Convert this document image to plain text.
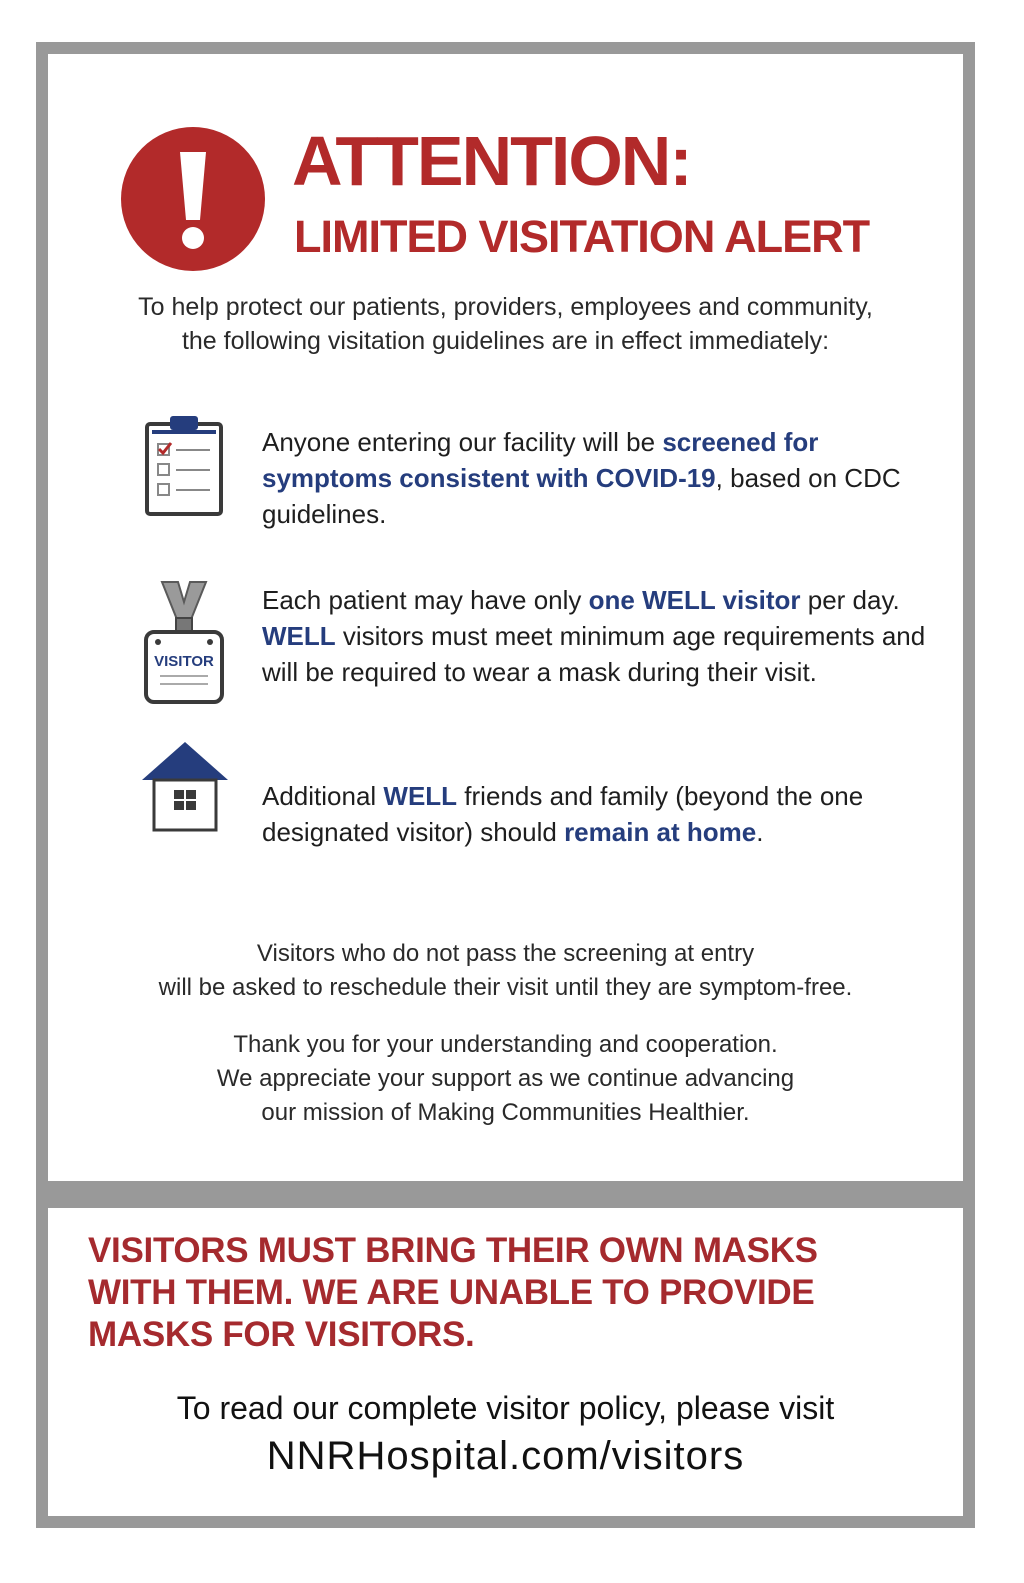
ATTENTION:
LIMITED VISITATION ALERT

To help protect our patients, providers, employees and community,
the following visitation guidelines are in effect immediately:

Anyone entering our facility will be screened for symptoms consistent with COVID-19, based on CDC guidelines.

VISITOR

Each patient may have only one WELL visitor per day. WELL visitors must meet minimum age requirements and will be required to wear a mask during their visit.

Additional WELL friends and family (beyond the one designated visitor) should remain at home.

Visitors who do not pass the screening at entry
will be asked to reschedule their visit until they are symptom-free.

Thank you for your understanding and cooperation.
We appreciate your support as we continue advancing
our mission of Making Communities Healthier.

VISITORS MUST BRING THEIR OWN MASKS
WITH THEM. WE ARE UNABLE TO PROVIDE
MASKS FOR VISITORS.

To read our complete visitor policy, please visit

NNRHospital.com/visitors
